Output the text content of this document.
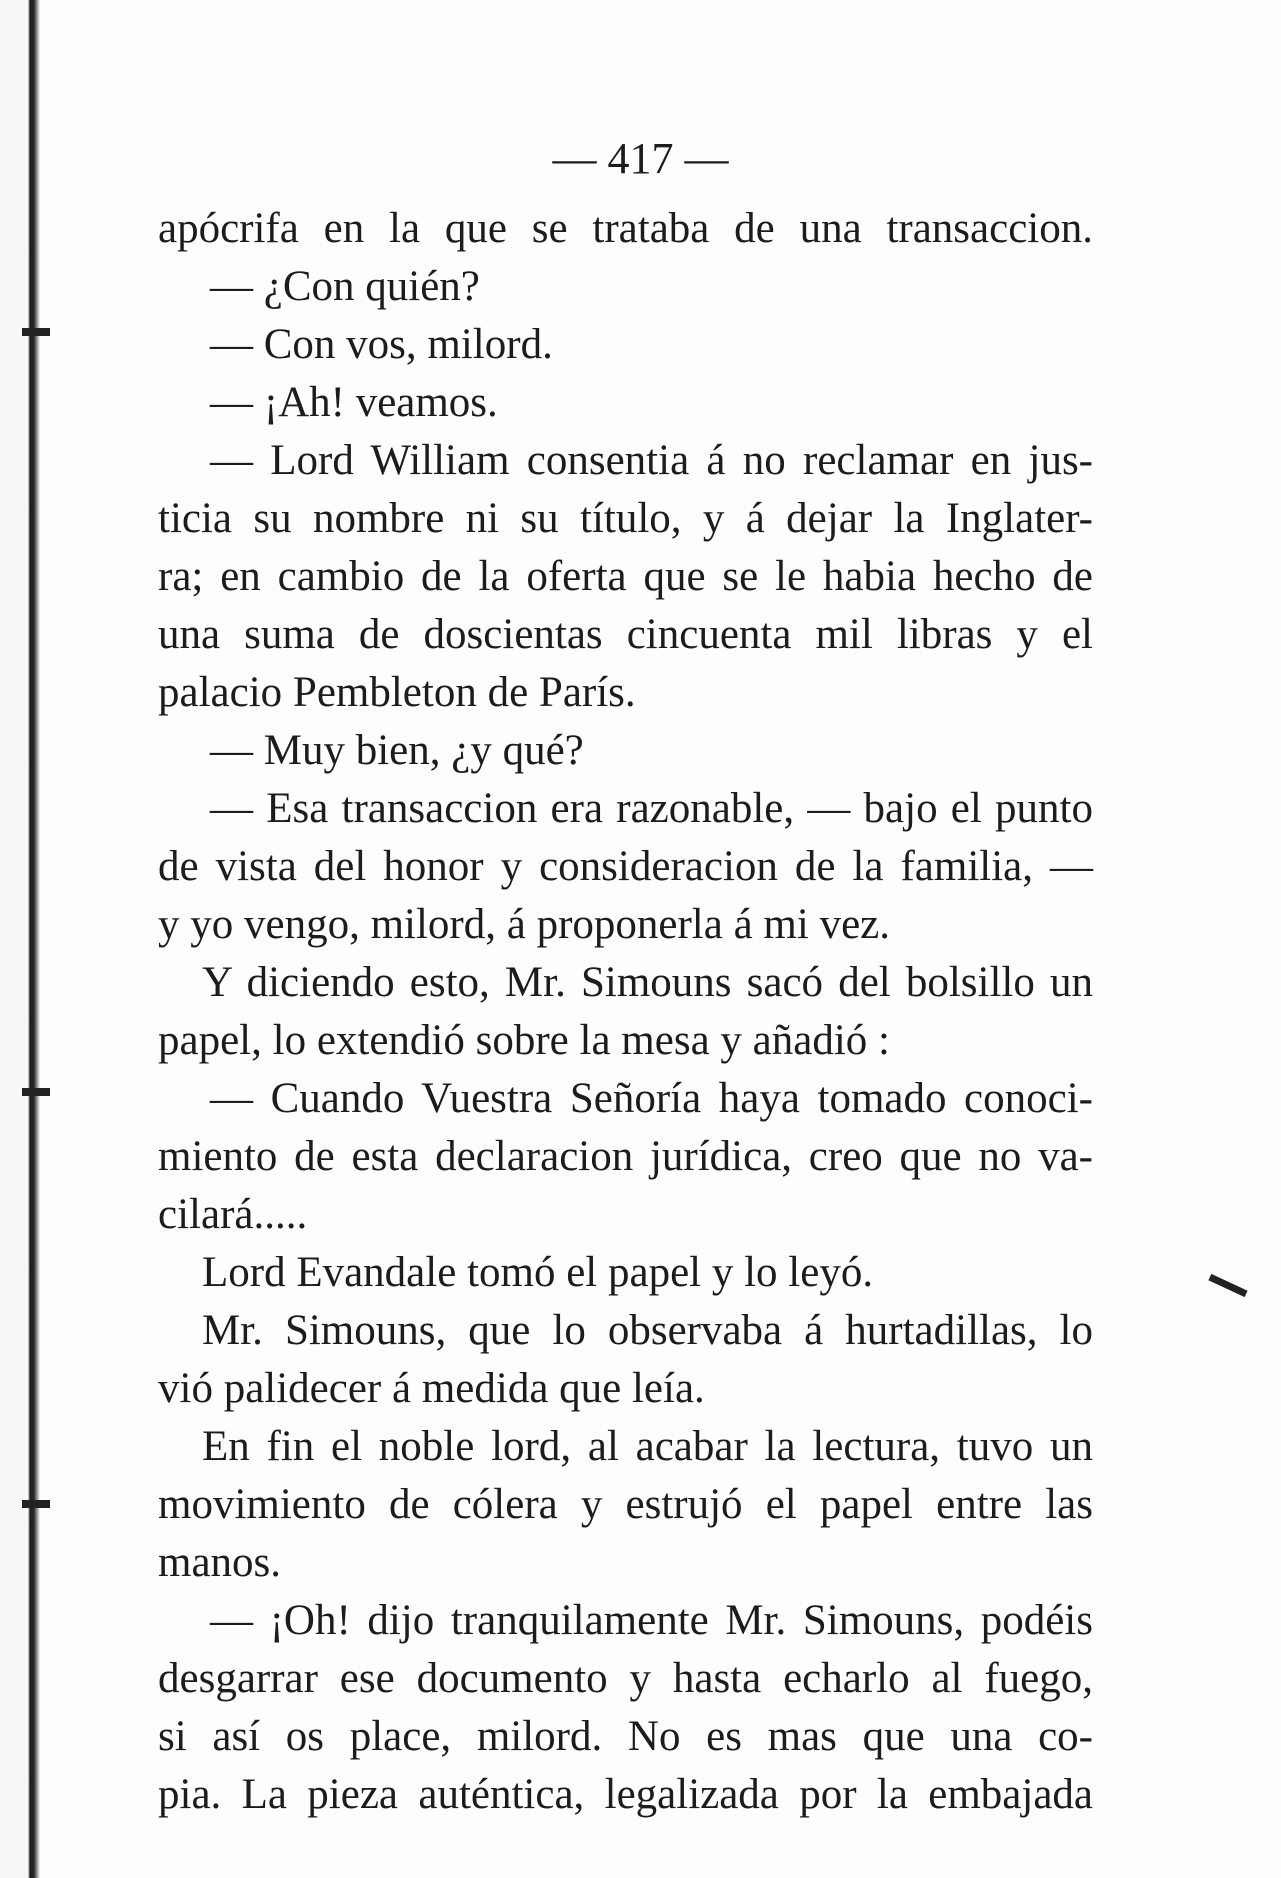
— 417 —
apócrifa en la que se trataba de una transaccion.
— ¿Con quién?
— Con vos, milord.
— ¡Ah! veamos.
— Lord William consentia á no reclamar en jus-
ticia su nombre ni su título, y á dejar la Inglater-
ra; en cambio de la oferta que se le habia hecho de
una suma de doscientas cincuenta mil libras y el
palacio Pembleton de París.
— Muy bien, ¿y qué?
— Esa transaccion era razonable, — bajo el punto
de vista del honor y consideracion de la familia, —
y yo vengo, milord, á proponerla á mi vez.
Y diciendo esto, Mr. Simouns sacó del bolsillo un
papel, lo extendió sobre la mesa y añadió :
— Cuando Vuestra Señoría haya tomado conoci-
miento de esta declaracion jurídica, creo que no va-
cilará.....
Lord Evandale tomó el papel y lo leyó.
Mr. Simouns, que lo observaba á hurtadillas, lo
vió palidecer á medida que leía.
En fin el noble lord, al acabar la lectura, tuvo un
movimiento de cólera y estrujó el papel entre las
manos.
— ¡Oh! dijo tranquilamente Mr. Simouns, podéis
desgarrar ese documento y hasta echarlo al fuego,
si así os place, milord. No es mas que una co-
pia. La pieza auténtica, legalizada por la embajada
